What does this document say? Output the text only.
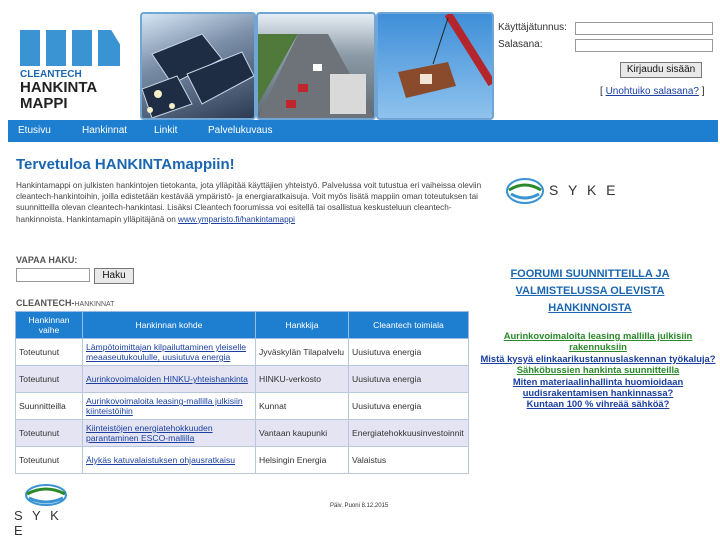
CLEANTECH
HANKINTA
MAPPI
Käyttäjätunnus:
Salasana:
Kirjaudu sisään
[ Unohtuiko salasana? ]
Etusivu	Hankinnat	Linkit	Palvelukuvaus
Tervetuloa HANKINTAmappiin!
Hankintamappi on julkisten hankintojen tietokanta, jota ylläpitää käyttäjien yhteistyö. Palvelussa voit tutustua eri vaiheissa oleviin cleantech-hankintoihin, joilla edistetään kestävää ympäristö- ja energiaratkaisuja. Voit myös lisätä mappiin oman toteutuksen tai suunnitteilla olevan cleantech-hankintasi. Lisäksi Cleantech foorumissa voi esitellä tai osallistua keskusteluun cleantech-hankinnoista. Hankintamapin ylläpitäjänä on www.ymparisto.fi/hankintamappi
S Y K E
VAPAA HAKU:
Haku
CLEANTECH-HANKINNAT
Hankinnan vaihe	Hankinnan kohde	Hankkija	Cleantech toimiala
Toteutunut	Lämpötoimittajan kilpailuttaminen yleiselle meaaseutukoululle, uusiutuva energia	Jyväskylän Tilapalvelu	Uusiutuva energia
Toteutunut	Aurinkovoimaloiden HINKU-yhteishankinta	HINKU-verkosto	Uusiutuva energia
Suunnitteilla	Aurinkovoimaloita leasing-mallilla julkisiin kiinteistöihin	Kunnat	Uusiutuva energia
Toteutunut	Kiinteistöjen energiatehokkuuden parantaminen ESCO-mallilla	Vantaan kaupunki	Energiatehokkuusinvestoinnit
Toteutunut	Älykäs katuvalaistuksen ohjausratkaisu	Helsingin Energia	Valaistus
FOORUMI SUUNNITTEILLA JA
VALMISTELUSSA OLEVISTA
HANKINNOISTA
Aurinkovoimaloita leasing mallilla julkisiin rakennuksiin
Mistä kysyä elinkaarikustannuslaskennan työkaluja?
Sähköbussien hankinta suunnitteilla
Miten materiaalinhallinta huomioidaan uudisrakentamisen hankinnassa?
Kuntaan 100 % vihreää sähköä?
S Y K E
Päiv. Puoni 8.12.2015
